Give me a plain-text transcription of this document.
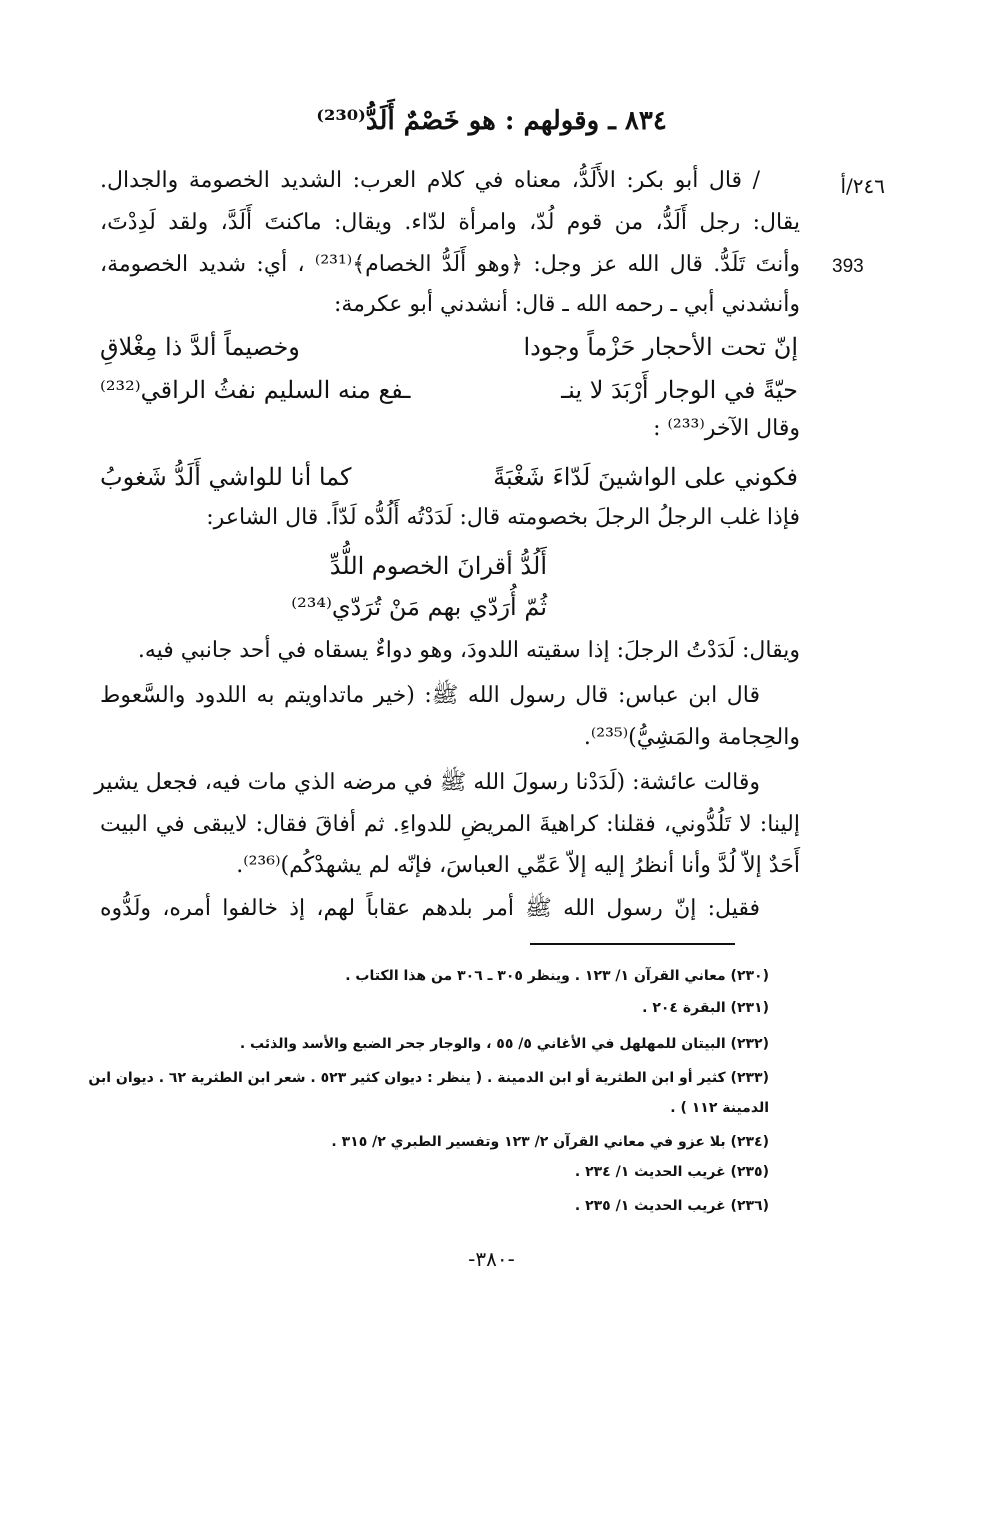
٨٣٤ ـ وقولهم : هو خَصْمٌ أَلَدُّ⁽²³⁰⁾
٢٤٦/أ
393
/ قال أبو بكر: الأَلَدُّ، معناه في كلام العرب: الشديد الخصومة والجدال.
يقال: رجل أَلَدُّ، من قوم لُدّ، وامرأة لدّاء. ويقال: ماكنتَ أَلَدَّ، ولقد لَدِدْتَ،
وأنتَ تَلَدُّ. قال الله عز وجل: ﴿وهو أَلَدُّ الخصام﴾⁽²³¹⁾ ، أي: شديد الخصومة،
وأنشدني أبي ـ رحمه الله ـ قال: أنشدني أبو عكرمة:
إنّ تحت الأحجار حَزْماً وجودا
وخصيماً ألدَّ ذا مِغْلاقِ
حيّةً في الوجار أَرْبَدَ لا ينـ
ـفع منه السليم نفثُ الراقي⁽²³²⁾
وقال الآخر⁽²³³⁾ :
فكوني على الواشينَ لَدّاءَ شَغْبَةً
كما أنا للواشي أَلَدُّ شَغوبُ
فإذا غلب الرجلُ الرجلَ بخصومته قال: لَدَدْتُه أَلُدُّه لَدّاً. قال الشاعر:
أَلُدُّ أقرانَ الخصوم اللُّدِّ
ثُمّ أُرَدّي بهم مَنْ تُرَدّي⁽²³⁴⁾
ويقال: لَدَدْتُ الرجلَ: إذا سقيته اللدودَ، وهو دواءٌ يسقاه في أحد جانبي فيه.
قال ابن عباس: قال رسول الله ﷺ: (خير ماتداويتم به اللدود والسَّعوط
والحِجامة والمَشِيُّ)⁽²³⁵⁾.
وقالت عائشة: (لَدَدْنا رسولَ الله ﷺ في مرضه الذي مات فيه، فجعل يشير
إلينا: لا تَلُدُّوني، فقلنا: كراهيةَ المريضِ للدواءِ. ثم أفاقَ فقال: لايبقى في البيت
أَحَدٌ إلاّ لُدَّ وأنا أنظرُ إليه إلاّ عَمِّي العباسَ، فإنّه لم يشهدْكُم)⁽²³⁶⁾.
فقيل: إنّ رسول الله ﷺ أمر بلدهم عقاباً لهم، إذ خالفوا أمره، ولَدُّوه
(٢٣٠) معاني القرآن ١/ ١٢٣ . وينظر ٣٠٥ ـ ٣٠٦ من هذا الكتاب .
(٢٣١) البقرة ٢٠٤ .
(٢٣٢) البيتان للمهلهل في الأغاني ٥/ ٥٥ ، والوجار جحر الضبع والأسد والذئب .
(٢٣٣) كثير أو ابن الطثرية أو ابن الدمينة . ( ينظر : ديوان كثير ٥٢٣ . شعر ابن الطثرية ٦٢ . ديوان ابن
الدمينة ١١٢ ) .
(٢٣٤) بلا عزو في معاني القرآن ٢/ ١٢٣ وتفسير الطبري ٢/ ٣١٥ .
(٢٣٥) غريب الحديث ١/ ٢٣٤ .
(٢٣٦) غريب الحديث ١/ ٢٣٥ .
-٣٨٠-
